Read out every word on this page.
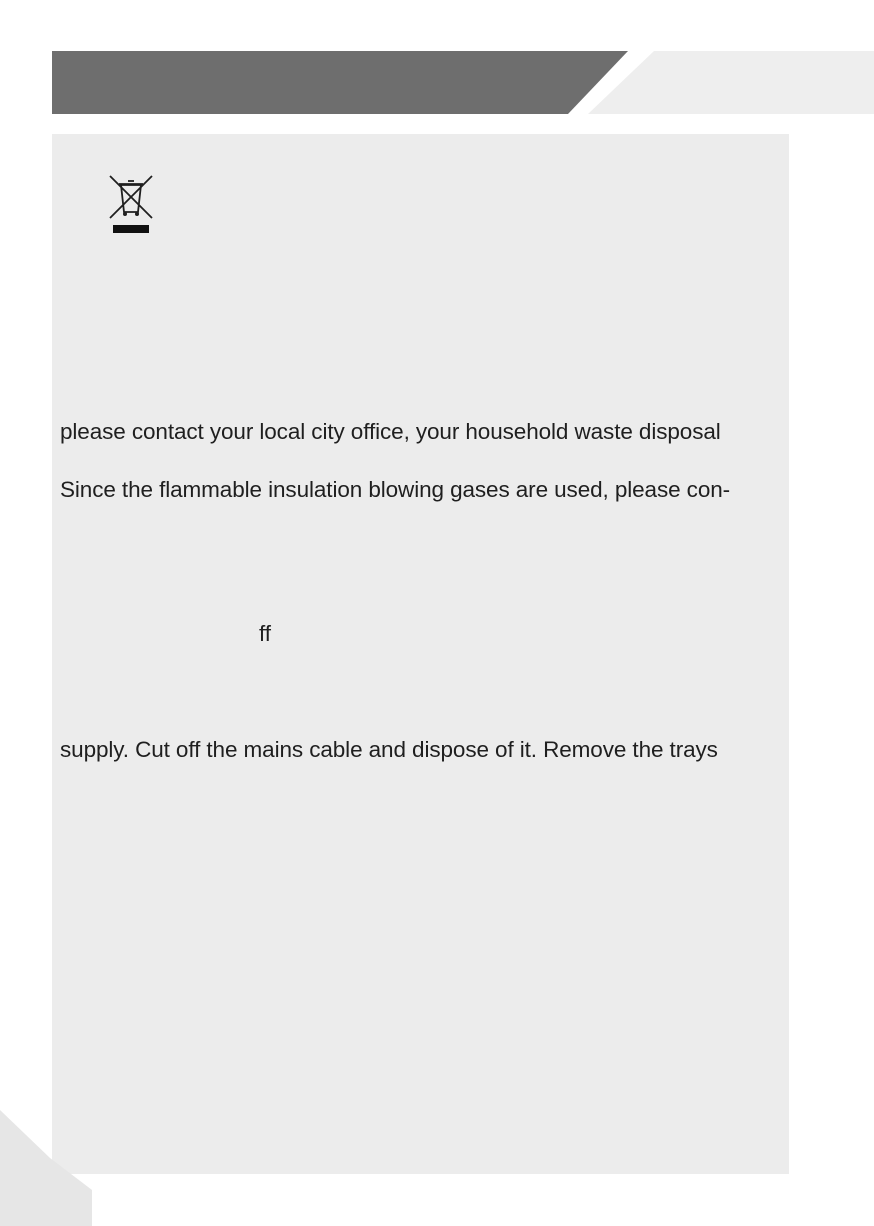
please contact your local city office, your household waste disposal

Since the flammable insulation blowing gases are used, please con-

ff

supply. Cut off the mains cable and dispose of it. Remove the trays
